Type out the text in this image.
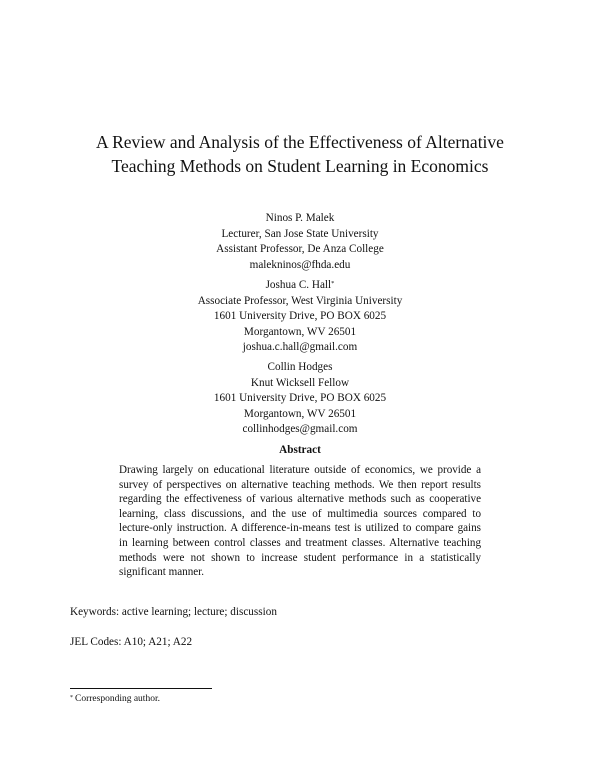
A Review and Analysis of the Effectiveness of Alternative
Teaching Methods on Student Learning in Economics
Ninos P. Malek
Lecturer, San Jose State University
Assistant Professor, De Anza College
malekninos@fhda.edu
Joshua C. Hall*
Associate Professor, West Virginia University
1601 University Drive, PO BOX 6025
Morgantown, WV 26501
joshua.c.hall@gmail.com
Collin Hodges
Knut Wicksell Fellow
1601 University Drive, PO BOX 6025
Morgantown, WV 26501
collinhodges@gmail.com
Abstract
Drawing largely on educational literature outside of economics, we provide a survey of perspectives on alternative teaching methods. We then report results regarding the effectiveness of various alternative methods such as cooperative learning, class discussions, and the use of multimedia sources compared to lecture-only instruction. A difference-in-means test is utilized to compare gains in learning between control classes and treatment classes. Alternative teaching methods were not shown to increase student performance in a statistically significant manner.
Keywords: active learning; lecture; discussion
JEL Codes: A10; A21; A22
* Corresponding author.
